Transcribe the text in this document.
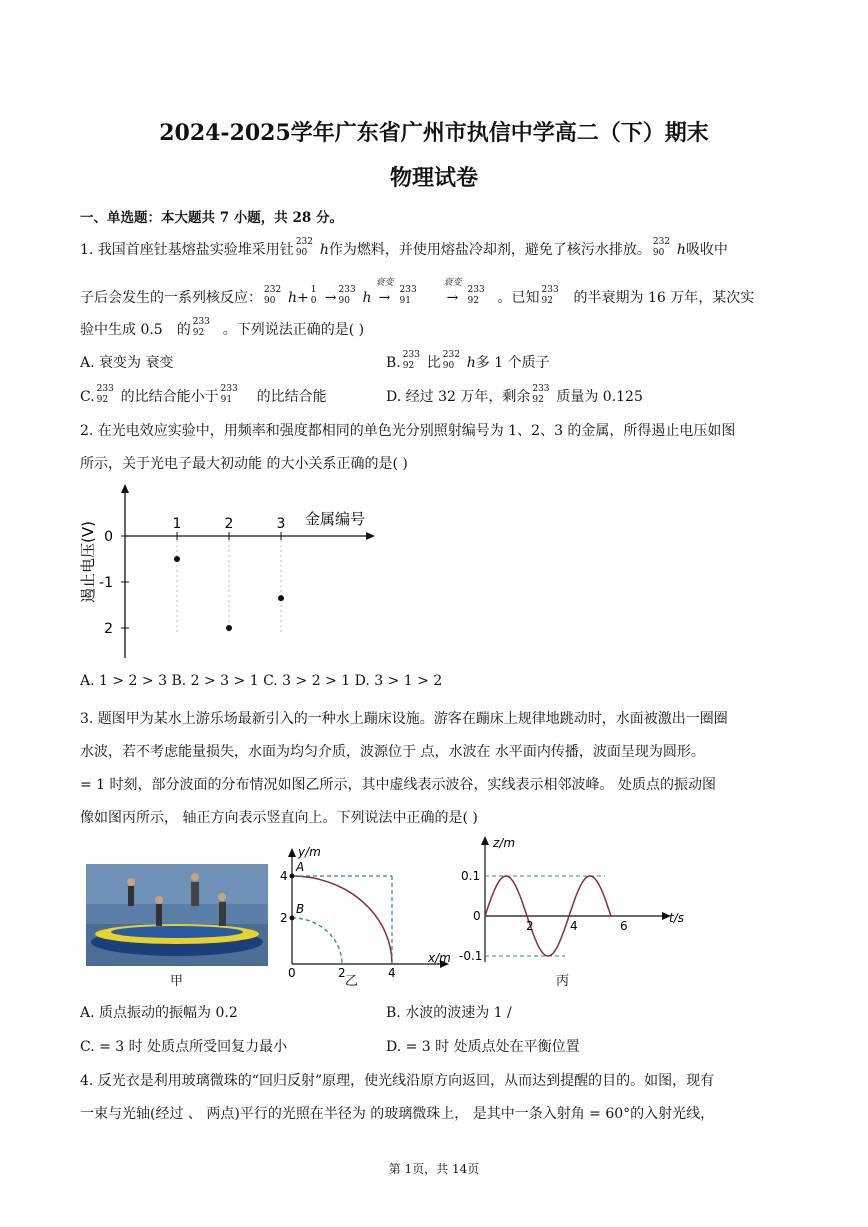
2024-2025学年广东省广州市执信中学高二（下）期末
物理试卷
一、单选题：本大题共 7 小题，共 28 分。
1. 我国首座钍基熔盐实验堆采用钍 232
90 h作为燃料，并使用熔盐冷却剂，避免了核污水排放。 232
90 h吸收中
子后会发生的一系列核反应： 232
90 h+ 1
0 → 233
90 h
衰变
→ 233
91
衰变
→ 233
92 。已知 233
92 的半衰期为 16 万年，某次实
验中生成 0.5 的 233
92 。下列说法正确的是( )
A. 衰变为 衰变	B. 233
92 比 232
90 h多 1 个质子
C. 233
92 的比结合能小于 233
91 的比结合能	D. 经过 32 万年，剩余 233
92 质量为 0.125
2. 在光电效应实验中，用频率和强度都相同的单色光分别照射编号为 1、2、3 的金属，所得遏止电压如图
所示，关于光电子最大初动能 的大小关系正确的是( )
1	2	3
0
-1
2
金属编号
遏止电压(V)
A. 1 > 2 > 3 B. 2 > 3 > 1 C. 3 > 2 > 1 D. 3 > 1 > 2
3. 题图甲为某水上游乐场最新引入的一种水上蹦床设施。游客在蹦床上规律地跳动时，水面被激出一圈圈
水波，若不考虑能量损失，水面为均匀介质，波源位于 点，水波在 水平面内传播，波面呈现为圆形。
= 1 时刻，部分波面的分布情况如图乙所示，其中虚线表示波谷，实线表示相邻波峰。 处质点的振动图
像如图丙所示， 轴正方向表示竖直向上。下列说法中正确的是( )
甲
y/m
x/m
A
B
4
2
0	2	4
乙
z/m
t/s
0.1
0
-0.1
2	4	6
丙
A. 质点振动的振幅为 0.2	B. 水波的波速为 1 /
C. = 3 时 处质点所受回复力最小	D. = 3 时 处质点处在平衡位置
4. 反光衣是利用玻璃微珠的“回归反射”原理，使光线沿原方向返回，从而达到提醒的目的。如图，现有
一束与光轴(经过 、 两点)平行的光照在半径为 的玻璃微珠上， 是其中一条入射角 = 60°的入射光线，
第 1页，共 14页
